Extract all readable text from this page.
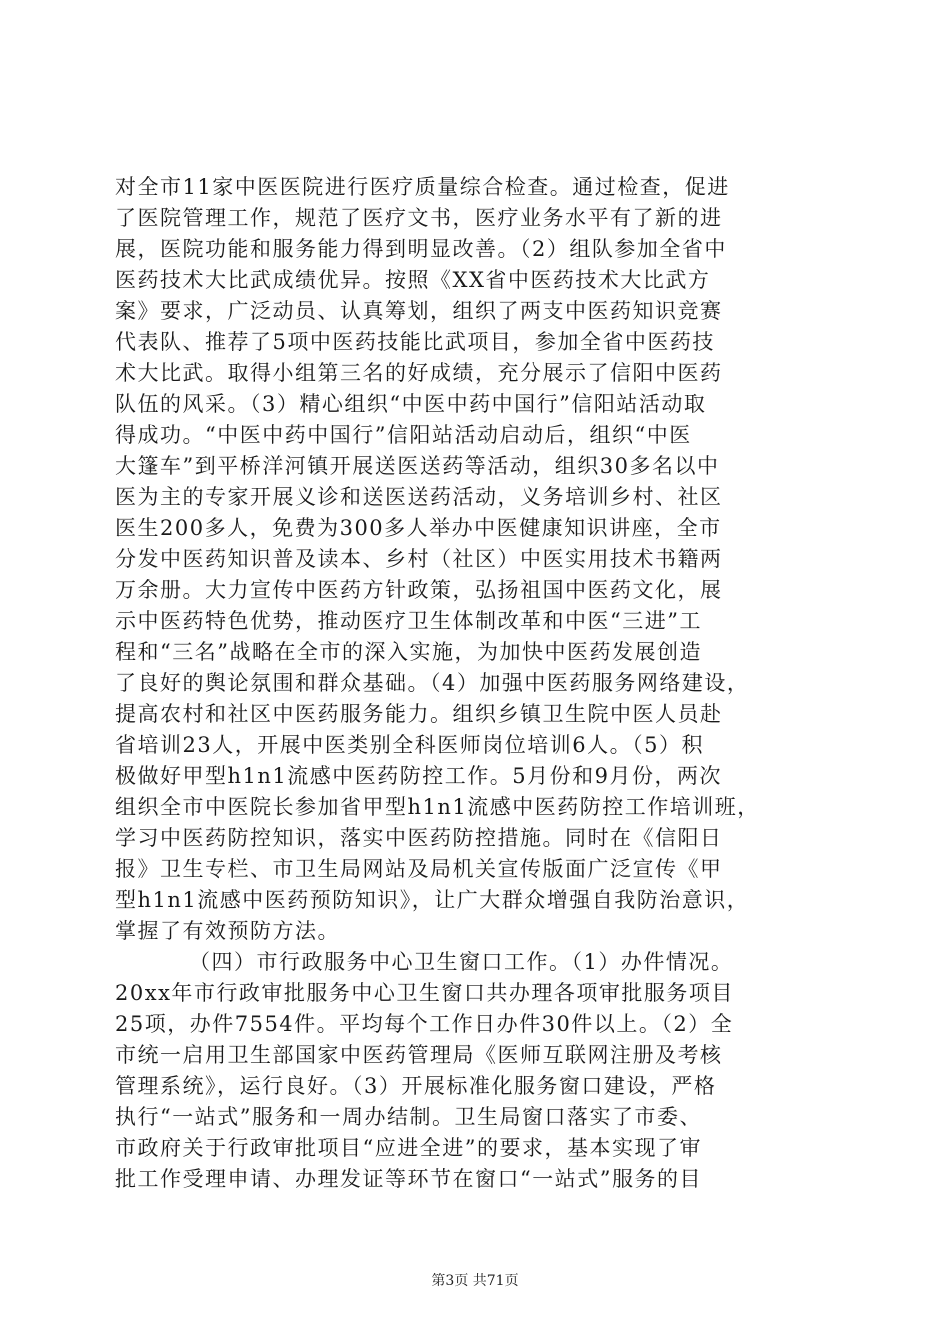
对全市11家中医医院进行医疗质量综合检查。通过检查，促进
了医院管理工作，规范了医疗文书，医疗业务水平有了新的进
展，医院功能和服务能力得到明显改善。（2）组队参加全省中
医药技术大比武成绩优异。按照《XX省中医药技术大比武方
案》要求，广泛动员、认真筹划，组织了两支中医药知识竞赛
代表队、推荐了5项中医药技能比武项目，参加全省中医药技
术大比武。取得小组第三名的好成绩，充分展示了信阳中医药
队伍的风采。（3）精心组织“中医中药中国行”信阳站活动取
得成功。“中医中药中国行”信阳站活动启动后，组织“中医
大篷车”到平桥洋河镇开展送医送药等活动，组织30多名以中
医为主的专家开展义诊和送医送药活动，义务培训乡村、社区
医生200多人，免费为300多人举办中医健康知识讲座，全市
分发中医药知识普及读本、乡村（社区）中医实用技术书籍两
万余册。大力宣传中医药方针政策，弘扬祖国中医药文化，展
示中医药特色优势，推动医疗卫生体制改革和中医“三进”工
程和“三名”战略在全市的深入实施，为加快中医药发展创造
了良好的舆论氛围和群众基础。（4）加强中医药服务网络建设，
提高农村和社区中医药服务能力。组织乡镇卫生院中医人员赴
省培训23人，开展中医类别全科医师岗位培训6人。（5）积
极做好甲型h1n1流感中医药防控工作。5月份和9月份，两次
组织全市中医院长参加省甲型h1n1流感中医药防控工作培训班，
学习中医药防控知识，落实中医药防控措施。同时在《信阳日
报》卫生专栏、市卫生局网站及局机关宣传版面广泛宣传《甲
型h1n1流感中医药预防知识》，让广大群众增强自我防治意识，
掌握了有效预防方法。
（四）市行政服务中心卫生窗口工作。（1）办件情况。
20xx年市行政审批服务中心卫生窗口共办理各项审批服务项目
25项，办件7554件。平均每个工作日办件30件以上。（2）全
市统一启用卫生部国家中医药管理局《医师互联网注册及考核
管理系统》，运行良好。（3）开展标准化服务窗口建设，严格
执行“一站式”服务和一周办结制。卫生局窗口落实了市委、
市政府关于行政审批项目“应进全进”的要求，基本实现了审
批工作受理申请、办理发证等环节在窗口“一站式”服务的目
第3页 共71页
